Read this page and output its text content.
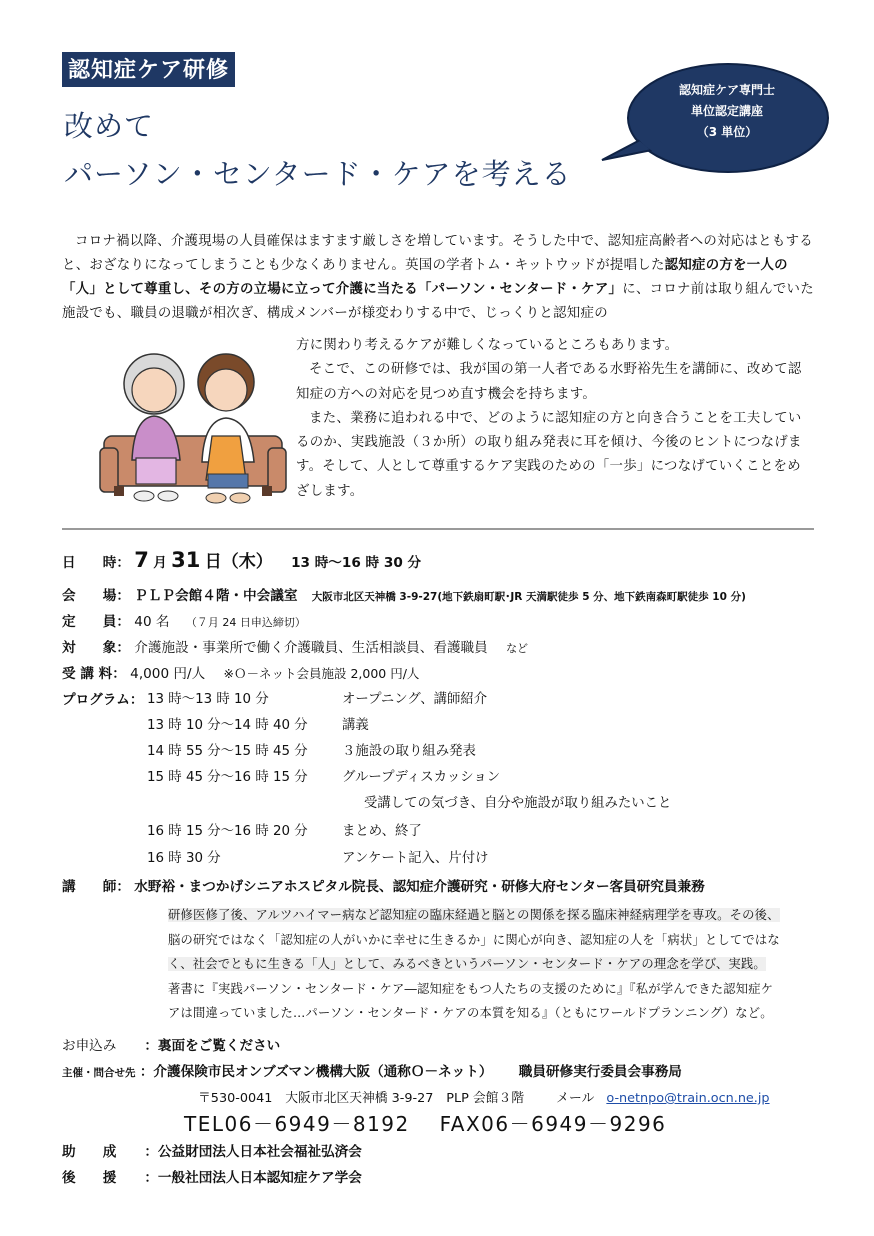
認知症ケア研修
改めて
パーソン・センタード・ケアを考える
認知症ケア専門士
単位認定講座
（3 単位）

コロナ禍以降、介護現場の人員確保はますます厳しさを増しています。そうした中で、認知症高齢者への対応はともすると、おざなりになってしまうことも少なくありません。英国の学者トム・キットウッドが提唱した認知症の方を一人の「人」として尊重し、その方の立場に立って介護に当たる「パーソン・センタード・ケア」に、コロナ前は取り組んでいた施設でも、職員の退職が相次ぎ、構成メンバーが様変わりする中で、じっくりと認知症の

方に関わり考えるケアが難しくなっているところもあります。

そこで、この研修では、我が国の第一人者である水野裕先生を講師に、改めて認知症の方への対応を見つめ直す機会を持ちます。

また、業務に追われる中で、どのように認知症の方と向き合うことを工夫しているのか、実践施設（３か所）の取り組み発表に耳を傾け、今後のヒントにつなげます。そして、人として尊重するケア実践のための「一歩」につなげていくことをめざします。

日　　時： 7 月 31 日（木） 13 時〜16 時 30 分
会　　場： ＰＬＰ会館４階・中会議室 大阪市北区天神橋 3-9-27(地下鉄扇町駅･JR 天満駅徒歩 5 分、地下鉄南森町駅徒歩 10 分)
定　　員： 40 名 （７月 24 日申込締切）
対　　象： 介護施設・事業所で働く介護職員、生活相談員、看護職員 など
受 講 料： 4,000 円/人 ※Ｏ－ネット会員施設 2,000 円/人
プログラム： 13 時〜13 時 10 分	オープニング、講師紹介
13 時 10 分〜14 時 40 分	講義
14 時 55 分〜15 時 45 分	３施設の取り組み発表
15 時 45 分〜16 時 15 分	グループディスカッション
受講しての気づき、自分や施設が取り組みたいこと
16 時 15 分〜16 時 20 分	まとめ、終了
16 時 30 分	アンケート記入、片付け
講　　師： 水野裕・まつかげシニアホスピタル院長、認知症介護研究・研修大府センター客員研究員兼務

研修医修了後、アルツハイマー病など認知症の臨床経過と脳との関係を探る臨床神経病理学を専攻。その後、

脳の研究ではなく「認知症の人がいかに幸せに生きるか」に関心が向き、認知症の人を「病状」としてではな

く、社会でともに生きる「人」として、みるべきというパーソン・センタード・ケアの理念を学び、実践。

著書に『実践パーソン・センタード・ケア―認知症をもつ人たちの支援のために』『私が学んできた認知症ケ

アは間違っていました…パーソン・センタード・ケアの本質を知る』（ともにワールドプランニング）など。

お申込み ：裏面をご覧ください
主催・問合せ先 ：介護保険市民オンブズマン機構大阪（通称Ｏ－ネット） 職員研修実行委員会事務局
〒530-0041　大阪市北区天神橋 3-9-27　PLP 会館３階	メール o-netnpo@train.ocn.ne.jp
TEL06－6949－8192 FAX06－6949－9296
助　　成 ：公益財団法人日本社会福祉弘済会
後　　援 ：一般社団法人日本認知症ケア学会
